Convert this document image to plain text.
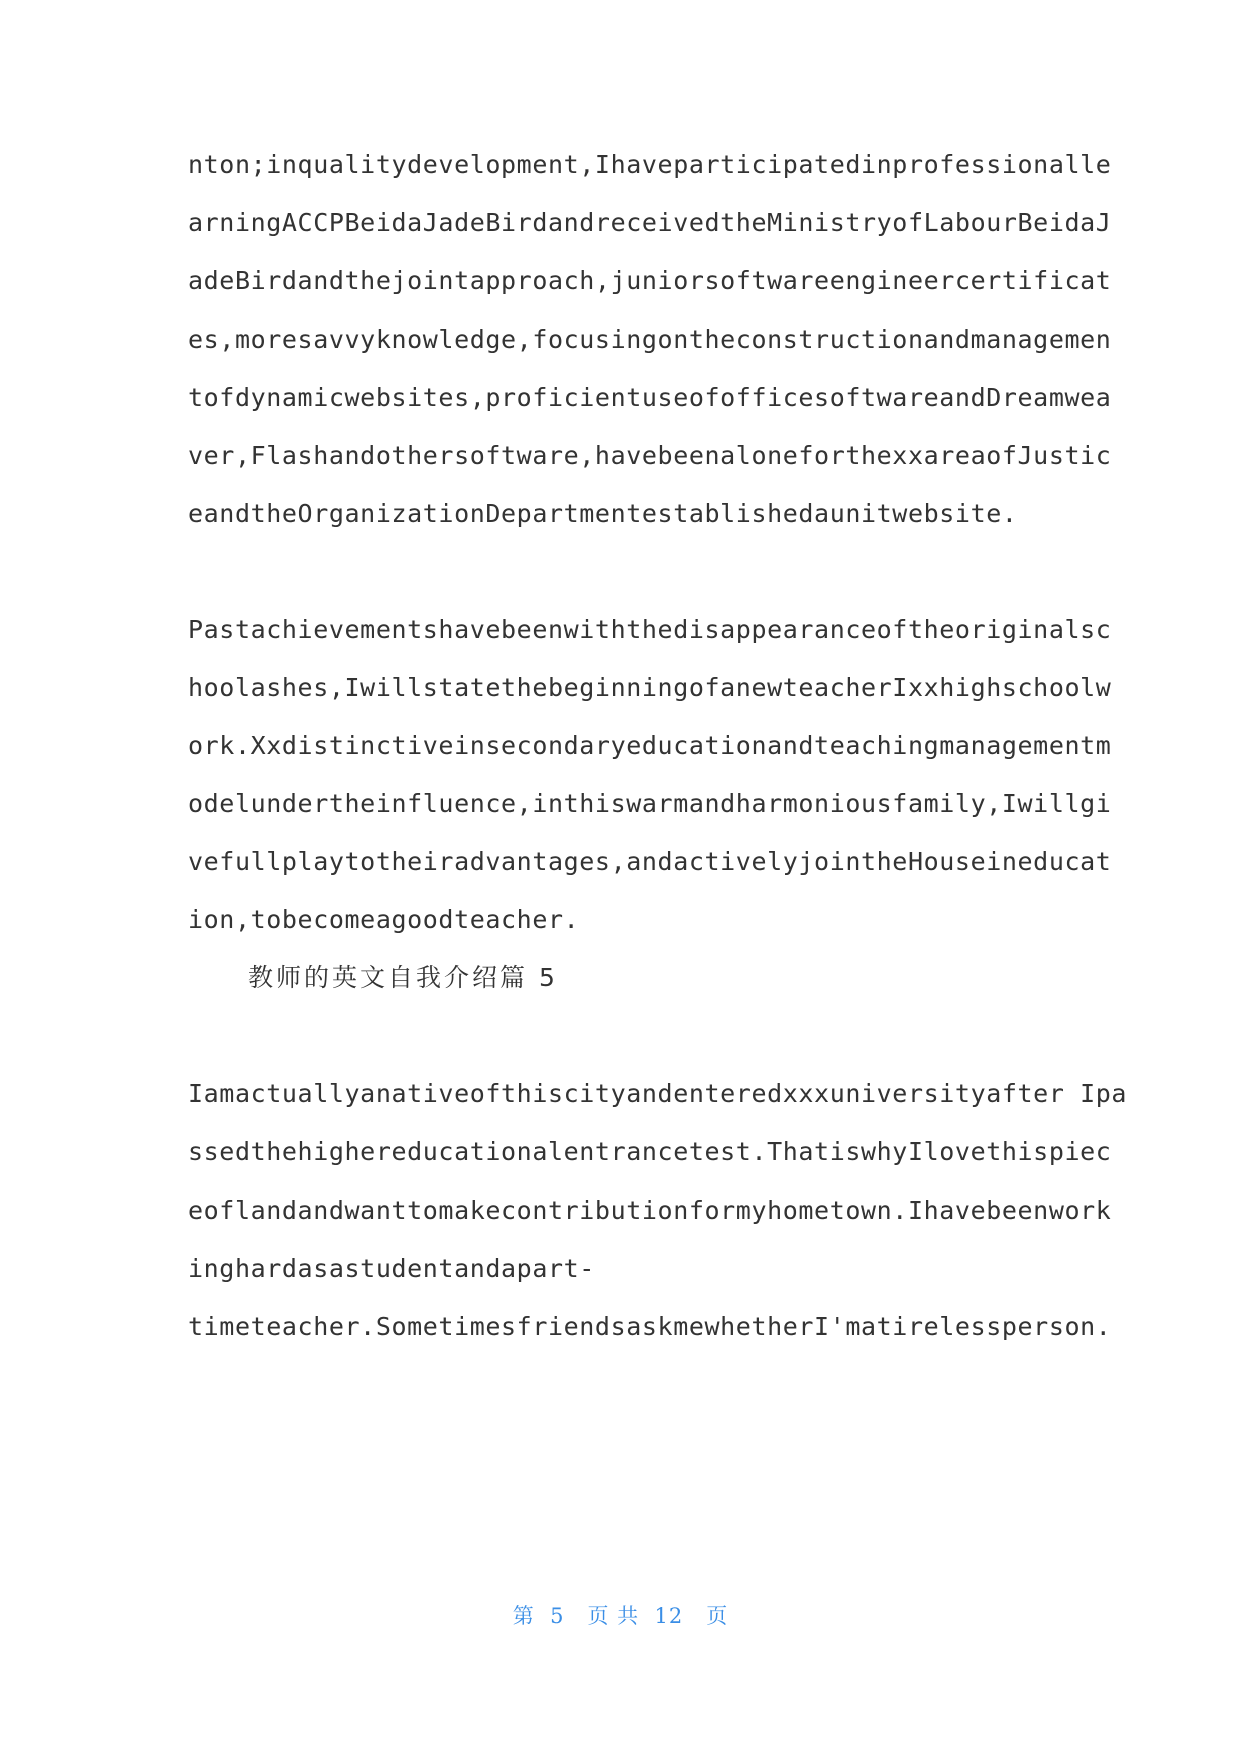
nton;inqualitydevelopment,Ihaveparticipatedinprofessionalle
arningACCPBeidaJadeBirdandreceivedtheMinistryofLabourBeidaJ
adeBirdandthejointapproach,juniorsoftwareengineercertificat
es,moresavvyknowledge,focusingontheconstructionandmanagemen
tofdynamicwebsites,proficientuseofofficesoftwareandDreamwea
ver,Flashandothersoftware,havebeenaloneforthexxareaofJustic
eandtheOrganizationDepartmentestablishedaunitwebsite.
Pastachievementshavebeenwiththedisappearanceoftheoriginalsc
hoolashes,IwillstatethebeginningofanewteacherIxxhighschoolw
ork.Xxdistinctiveinsecondaryeducationandteachingmanagementm
odelundertheinfluence,inthiswarmandharmoniousfamily,Iwillgi
vefullplaytotheiradvantages,andactivelyjointheHouseineducat
ion,tobecomeagoodteacher.
教师的英文自我介绍篇 5
Iamactuallyanativeofthiscityandenteredxxxuniversityafter Ipa
ssedthehighereducationalentrancetest.ThatiswhyIlovethispiec
eoflandandwanttomakecontributionformyhometown.Ihavebeenwork
inghardasastudentandapart-
timeteacher.SometimesfriendsaskmewhetherI'matirelessperson.
第  5   页 共  12   页
